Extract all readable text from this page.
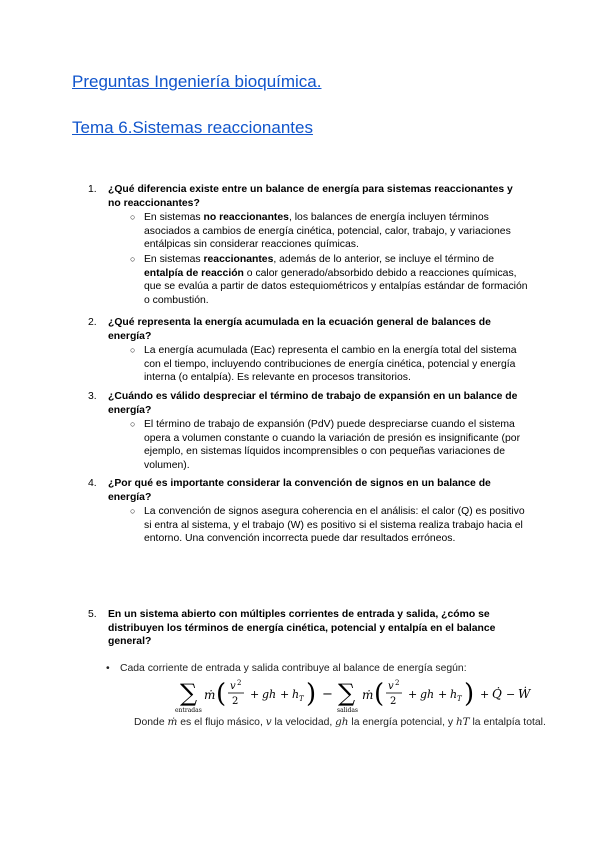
Preguntas Ingeniería bioquímica.
Tema 6.Sistemas reaccionantes
1. ¿Qué diferencia existe entre un balance de energía para sistemas reaccionantes y no reaccionantes?
○ En sistemas no reaccionantes, los balances de energía incluyen términos asociados a cambios de energía cinética, potencial, calor, trabajo, y variaciones entálpicas sin considerar reacciones químicas.
○ En sistemas reaccionantes, además de lo anterior, se incluye el término de entalpía de reacción o calor generado/absorbido debido a reacciones químicas, que se evalúa a partir de datos estequiométricos y entalpías estándar de formación o combustión.
2. ¿Qué representa la energía acumulada en la ecuación general de balances de energía?
○ La energía acumulada (Eac) representa el cambio en la energía total del sistema con el tiempo, incluyendo contribuciones de energía cinética, potencial y energía interna (o entalpía). Es relevante en procesos transitorios.
3. ¿Cuándo es válido despreciar el término de trabajo de expansión en un balance de energía?
○ El término de trabajo de expansión (PdV) puede despreciarse cuando el sistema opera a volumen constante o cuando la variación de presión es insignificante (por ejemplo, en sistemas líquidos incomprensibles o con pequeñas variaciones de volumen).
4. ¿Por qué es importante considerar la convención de signos en un balance de energía?
○ La convención de signos asegura coherencia en el análisis: el calor (Q) es positivo si entra al sistema, y el trabajo (W) es positivo si el sistema realiza trabajo hacia el entorno. Una convención incorrecta puede dar resultados erróneos.
5. En un sistema abierto con múltiples corrientes de entrada y salida, ¿cómo se distribuyen los términos de energía cinética, potencial y entalpía en el balance general?
• Cada corriente de entrada y salida contribuye al balance de energía según:
∑
entradas
ṁ ( v 2
2
+ gh + h T ) − ∑
salidas
ṁ ( v 2
2
+ gh + h T ) + Q̇ − Ẇ
Donde ṁ es el flujo másico, v la velocidad, gh la energía potencial, y hT la entalpía total.
